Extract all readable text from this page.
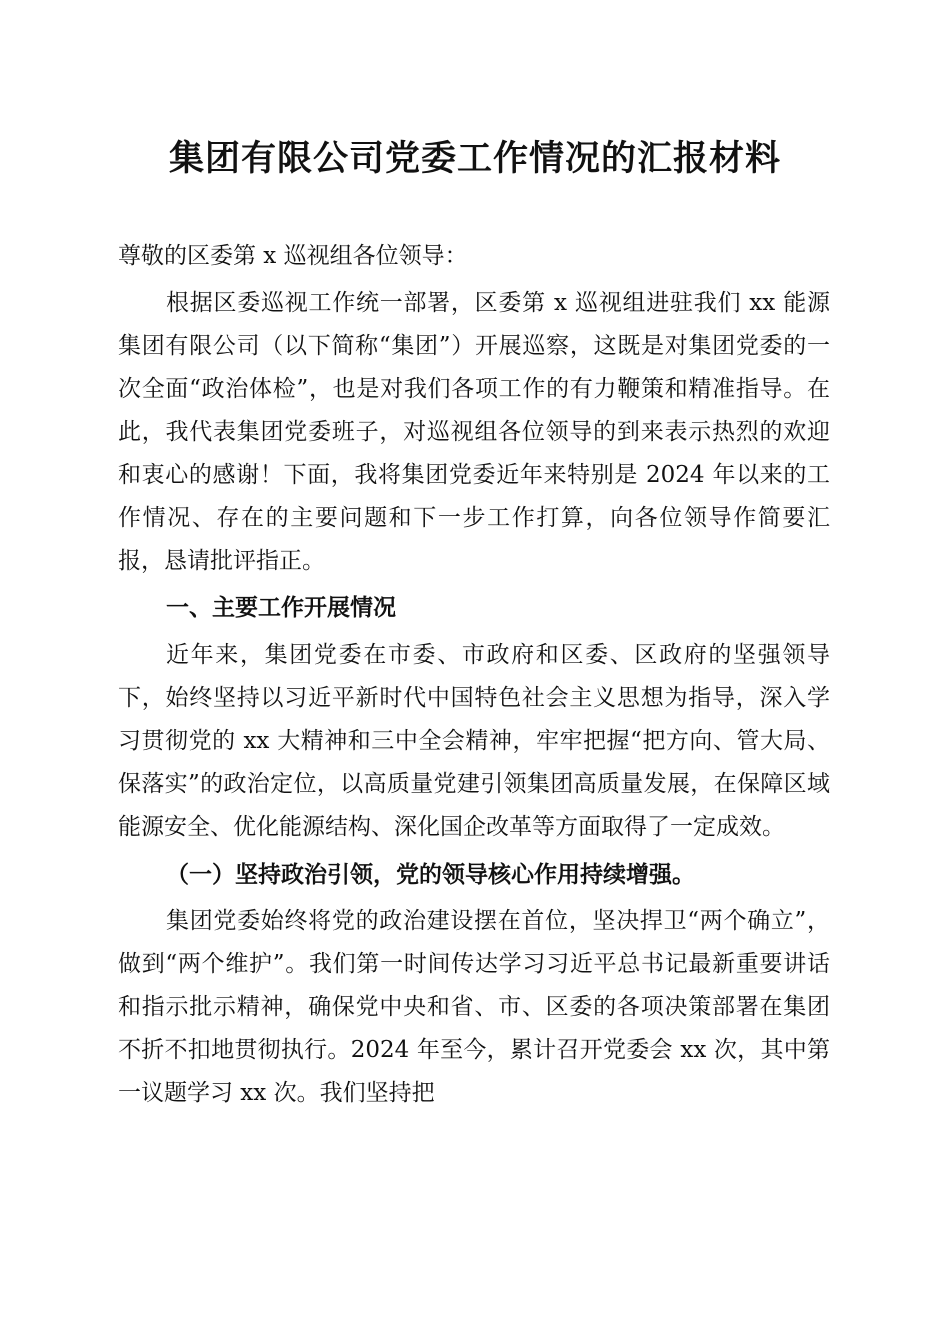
集团有限公司党委工作情况的汇报材料

尊敬的区委第 x 巡视组各位领导：

根据区委巡视工作统一部署，区委第 x 巡视组进驻我们 xx 能源集团有限公司（以下简称“集团”）开展巡察，这既是对集团党委的一次全面“政治体检”，也是对我们各项工作的有力鞭策和精准指导。在此，我代表集团党委班子，对巡视组各位领导的到来表示热烈的欢迎和衷心的感谢！下面，我将集团党委近年来特别是 2024 年以来的工作情况、存在的主要问题和下一步工作打算，向各位领导作简要汇报，恳请批评指正。

一、主要工作开展情况

近年来，集团党委在市委、市政府和区委、区政府的坚强领导下，始终坚持以习近平新时代中国特色社会主义思想为指导，深入学习贯彻党的 xx 大精神和三中全会精神，牢牢把握“把方向、管大局、保落实”的政治定位，以高质量党建引领集团高质量发展，在保障区域能源安全、优化能源结构、深化国企改革等方面取得了一定成效。

（一）坚持政治引领，党的领导核心作用持续增强。

集团党委始终将党的政治建设摆在首位，坚决捍卫“两个确立”，做到“两个维护”。我们第一时间传达学习习近平总书记最新重要讲话和指示批示精神，确保党中央和省、市、区委的各项决策部署在集团不折不扣地贯彻执行。2024 年至今，累计召开党委会 xx 次，其中第一议题学习 xx 次。我们坚持把
